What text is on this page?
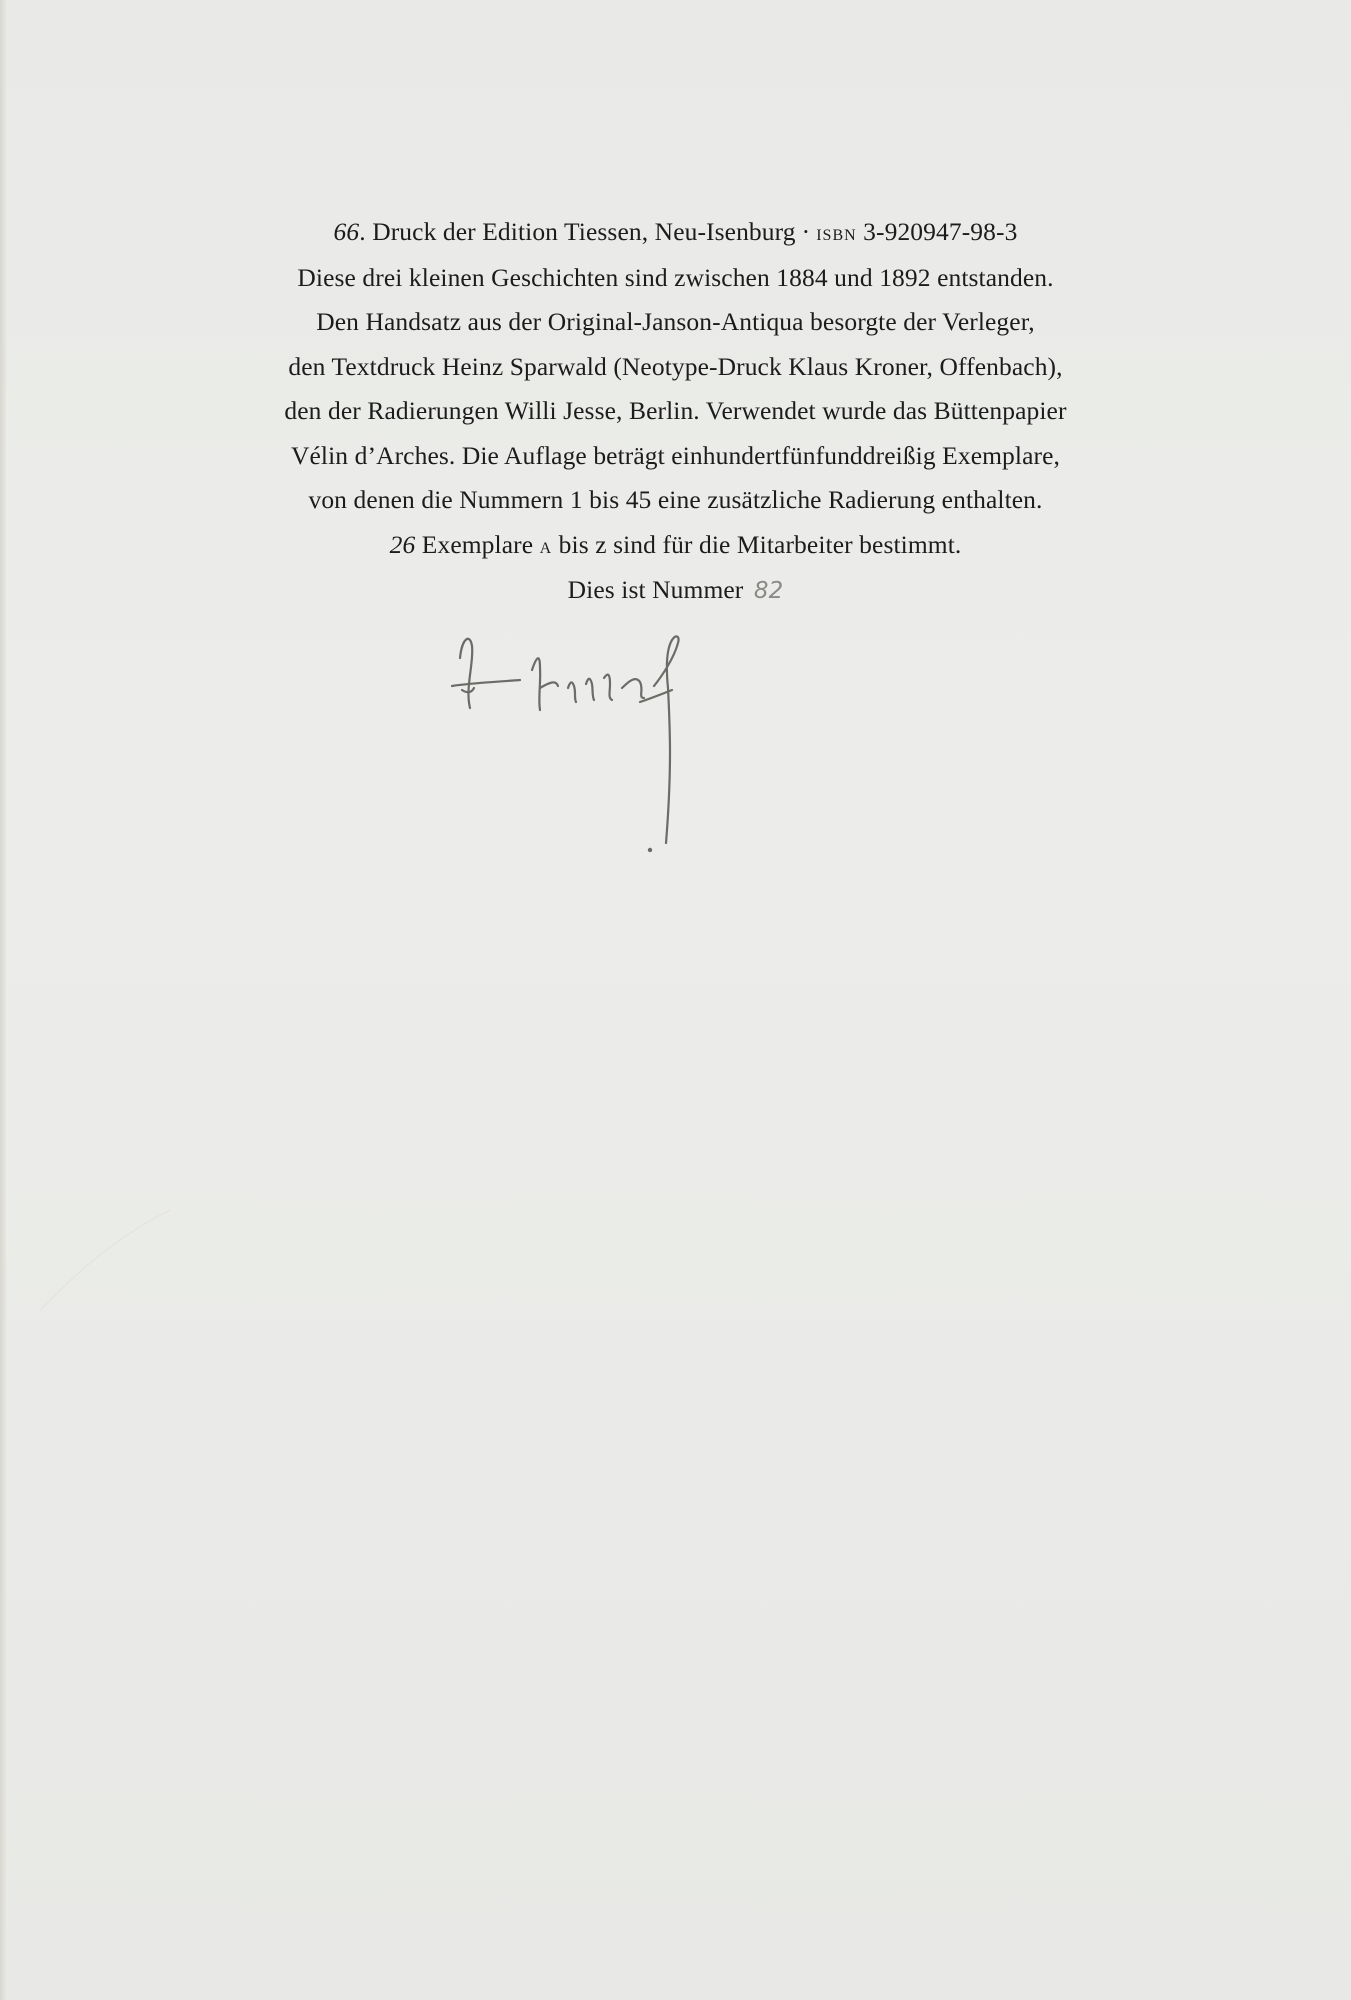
66. Druck der Edition Tiessen, Neu-Isenburg · isbn 3-920947-98-3
Diese drei kleinen Geschichten sind zwischen 1884 und 1892 entstanden.
Den Handsatz aus der Original-Janson-Antiqua besorgte der Verleger,
den Textdruck Heinz Sparwald (Neotype-Druck Klaus Kroner, Offenbach),
den der Radierungen Willi Jesse, Berlin. Verwendet wurde das Büttenpapier
Vélin d’Arches. Die Auflage beträgt einhundertfünfunddreißig Exemplare,
von denen die Nummern 1 bis 45 eine zusätzliche Radierung enthalten.
26 Exemplare a bis z sind für die Mitarbeiter bestimmt.
Dies ist Nummer 82
